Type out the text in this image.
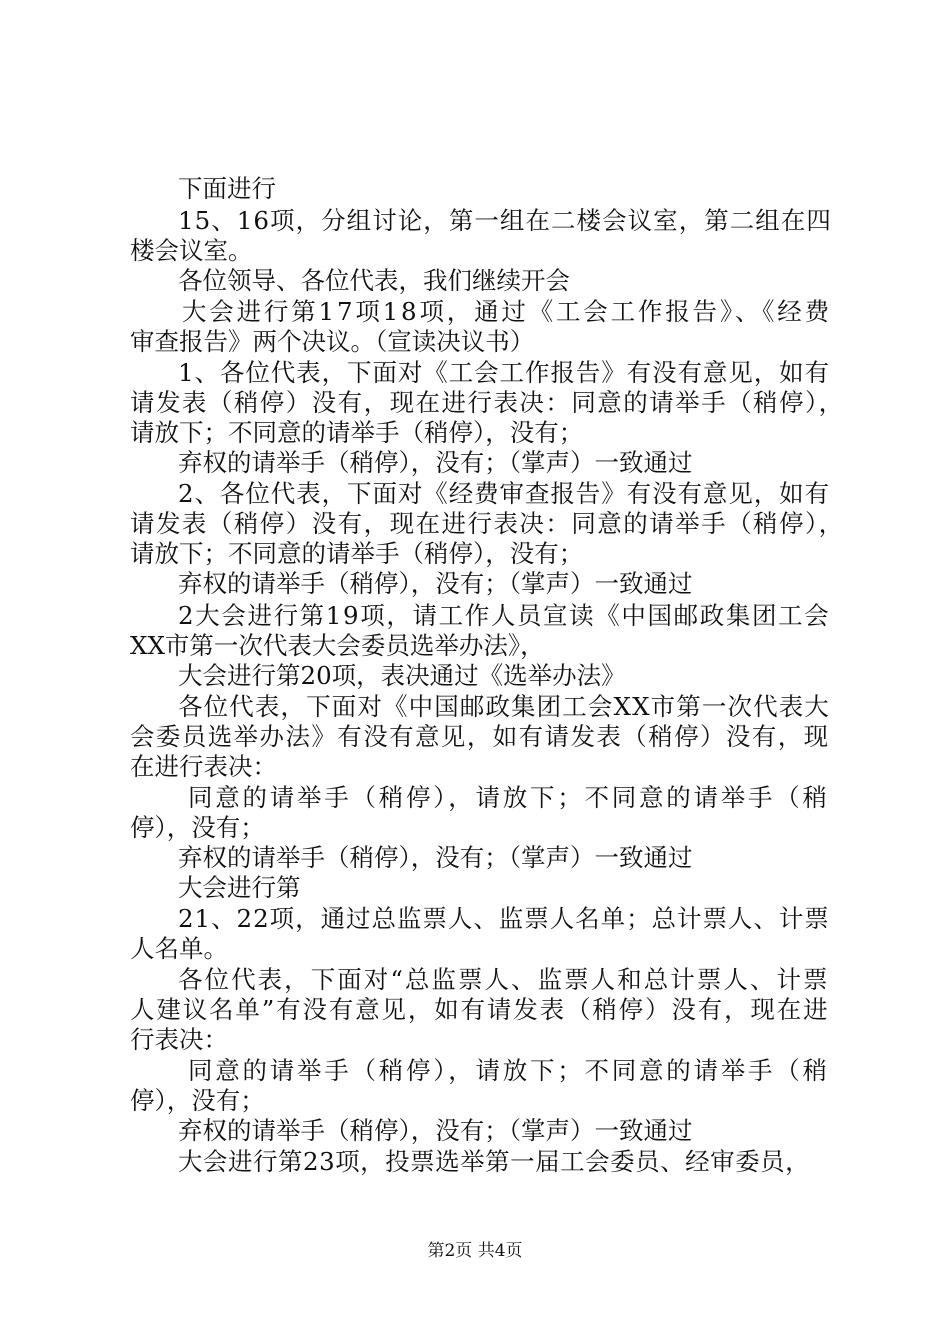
下面进行
15、16项，分组讨论，第一组在二楼会议室，第二组在四
楼会议室。
各位领导、各位代表，我们继续开会
大会进行第17项18项，通过《工会工作报告》、《经费
审查报告》两个决议。（宣读决议书）
1、各位代表，下面对《工会工作报告》有没有意见，如有
请发表（稍停）没有，现在进行表决：同意的请举手（稍停），
请放下；不同意的请举手（稍停），没有；
弃权的请举手（稍停），没有；（掌声）一致通过
2、各位代表，下面对《经费审查报告》有没有意见，如有
请发表（稍停）没有，现在进行表决：同意的请举手（稍停），
请放下；不同意的请举手（稍停），没有；
弃权的请举手（稍停），没有；（掌声）一致通过
2大会进行第19项，请工作人员宣读《中国邮政集团工会
XX市第一次代表大会委员选举办法》，
大会进行第20项，表决通过《选举办法》
各位代表，下面对《中国邮政集团工会XX市第一次代表大
会委员选举办法》有没有意见，如有请发表（稍停）没有，现
在进行表决：
同意的请举手（稍停），请放下；不同意的请举手（稍
停），没有；
弃权的请举手（稍停），没有；（掌声）一致通过
大会进行第
21、22项，通过总监票人、监票人名单；总计票人、计票
人名单。
各位代表，下面对“总监票人、监票人和总计票人、计票
人建议名单”有没有意见，如有请发表（稍停）没有，现在进
行表决：
同意的请举手（稍停），请放下；不同意的请举手（稍
停），没有；
弃权的请举手（稍停），没有；（掌声）一致通过
大会进行第23项，投票选举第一届工会委员、经审委员，
第2页 共4页
